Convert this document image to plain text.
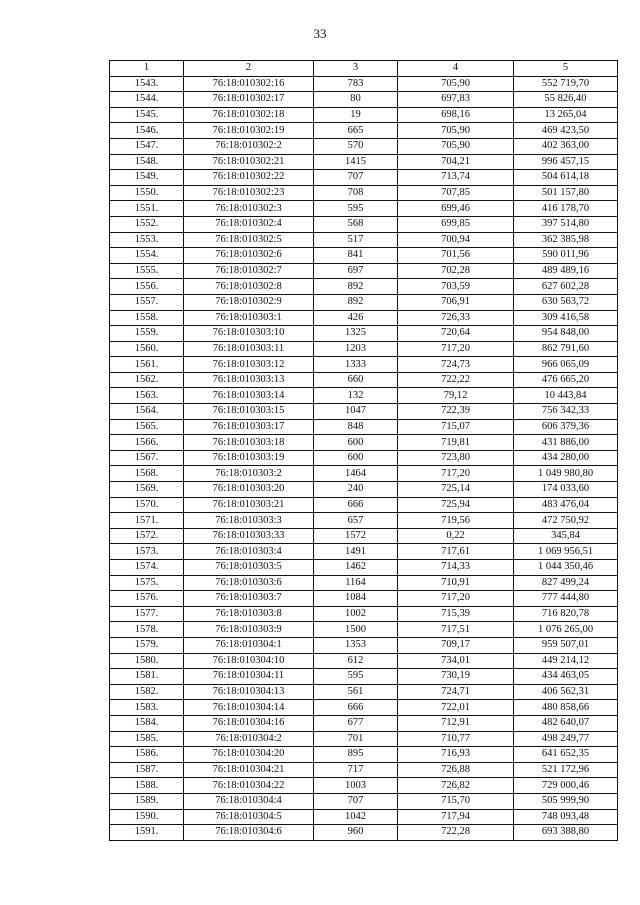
33
1	2	3	4	5
1543.	76:18:010302:16	783	705,90	552 719,70
1544.	76:18:010302:17	80	697,83	55 826,40
1545.	76:18:010302:18	19	698,16	13 265,04
1546.	76:18:010302:19	665	705,90	469 423,50
1547.	76:18:010302:2	570	705,90	402 363,00
1548.	76:18:010302:21	1415	704,21	996 457,15
1549.	76:18:010302:22	707	713,74	504 614,18
1550.	76:18:010302:23	708	707,85	501 157,80
1551.	76:18:010302:3	595	699,46	416 178,70
1552.	76:18:010302:4	568	699,85	397 514,80
1553.	76:18:010302:5	517	700,94	362 385,98
1554.	76:18:010302:6	841	701,56	590 011,96
1555.	76:18:010302:7	697	702,28	489 489,16
1556.	76:18:010302:8	892	703,59	627 602,28
1557.	76:18:010302:9	892	706,91	630 563,72
1558.	76:18:010303:1	426	726,33	309 416,58
1559.	76:18:010303:10	1325	720,64	954 848,00
1560.	76:18:010303:11	1203	717,20	862 791,60
1561.	76:18:010303:12	1333	724,73	966 065,09
1562.	76:18:010303:13	660	722,22	476 665,20
1563.	76:18:010303:14	132	79,12	10 443,84
1564.	76:18:010303:15	1047	722,39	756 342,33
1565.	76:18:010303:17	848	715,07	606 379,36
1566.	76:18:010303:18	600	719,81	431 886,00
1567.	76:18:010303:19	600	723,80	434 280,00
1568.	76:18:010303:2	1464	717,20	1 049 980,80
1569.	76:18:010303:20	240	725,14	174 033,60
1570.	76:18:010303:21	666	725,94	483 476,04
1571.	76:18:010303:3	657	719,56	472 750,92
1572.	76:18:010303:33	1572	0,22	345,84
1573.	76:18:010303:4	1491	717,61	1 069 956,51
1574.	76:18:010303:5	1462	714,33	1 044 350,46
1575.	76:18:010303:6	1164	710,91	827 499,24
1576.	76:18:010303:7	1084	717,20	777 444,80
1577.	76:18:010303:8	1002	715,39	716 820,78
1578.	76:18:010303:9	1500	717,51	1 076 265,00
1579.	76:18:010304:1	1353	709,17	959 507,01
1580.	76:18:010304:10	612	734,01	449 214,12
1581.	76:18:010304:11	595	730,19	434 463,05
1582.	76:18:010304:13	561	724,71	406 562,31
1583.	76:18:010304:14	666	722,01	480 858,66
1584.	76:18:010304:16	677	712,91	482 640,07
1585.	76:18:010304:2	701	710,77	498 249,77
1586.	76:18:010304:20	895	716,93	641 652,35
1587.	76:18:010304:21	717	726,88	521 172,96
1588.	76:18:010304:22	1003	726,82	729 000,46
1589.	76:18:010304:4	707	715,70	505 999,90
1590.	76:18:010304:5	1042	717,94	748 093,48
1591.	76:18:010304:6	960	722,28	693 388,80
